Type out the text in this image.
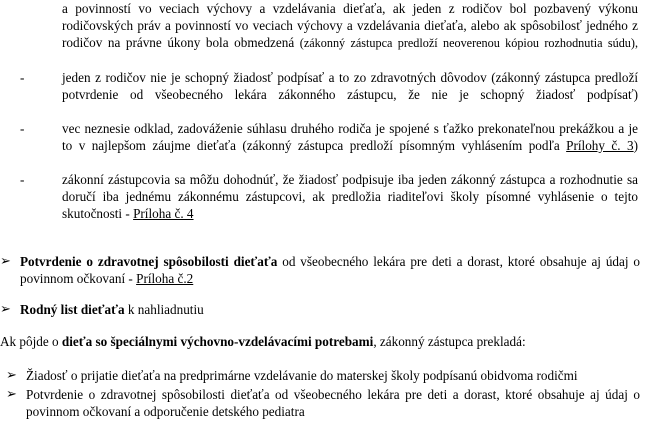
a povinností vo veciach výchovy a vzdelávania dieťaťa, ak jeden z rodičov bol pozbavený výkonu rodičovských práv a povinností vo veciach výchovy a vzdelávania dieťaťa, alebo ak spôsobilosť jedného z rodičov na právne úkony bola obmedzená (zákonný zástupca predloží neoverenou kópiou rozhodnutia súdu),
-	jeden z rodičov nie je schopný žiadosť podpísať a to zo zdravotných dôvodov (zákonný zástupca predloží potvrdenie od všeobecného lekára zákonného zástupcu, že nie je schopný žiadosť podpísať)
-	vec neznesie odklad, zadováženie súhlasu druhého rodiča je spojené s ťažko prekonateľnou prekážkou a je to v najlepšom záujme dieťaťa (zákonný zástupca predloží písomným vyhlásením podľa Prílohy č. 3)
-	zákonní zástupcovia sa môžu dohodnúť, že žiadosť podpisuje iba jeden zákonný zástupca a rozhodnutie sa doručí iba jednému zákonnému zástupcovi, ak predložia riaditeľovi školy písomné vyhlásenie o tejto skutočnosti - Príloha č. 4
➢ Potvrdenie o zdravotnej spôsobilosti dieťaťa od všeobecného lekára pre deti a dorast, ktoré obsahuje aj údaj o povinnom očkovaní - Príloha č.2
➢ Rodný list dieťaťa k nahliadnutiu
Ak pôjde o dieťa so špeciálnymi výchovno-vzdelávacími potrebami, zákonný zástupca prekladá:
➢ Žiadosť o prijatie dieťaťa na predprimárne vzdelávanie do materskej školy podpísanú obidvoma rodičmi
➢ Potvrdenie o zdravotnej spôsobilosti dieťaťa od všeobecného lekára pre deti a dorast, ktoré obsahuje aj údaj o povinnom očkovaní a odporučenie detského pediatra
